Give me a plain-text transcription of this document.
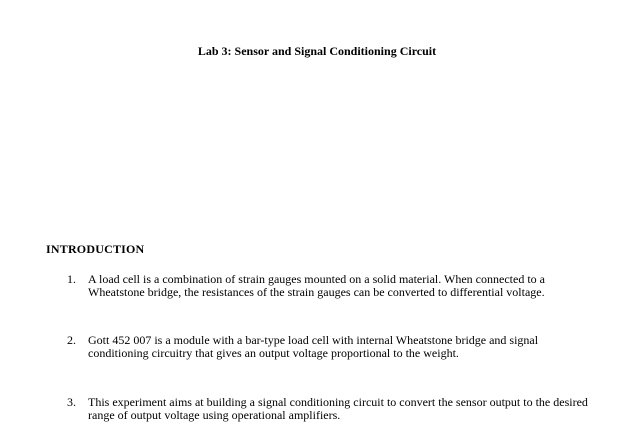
Lab 3: Sensor and Signal Conditioning Circuit
INTRODUCTION
1.	A load cell is a combination of strain gauges mounted on a solid material. When connected to a Wheatstone bridge, the resistances of the strain gauges can be converted to differential voltage.
2.	Gott 452 007 is a module with a bar-type load cell with internal Wheatstone bridge and signal conditioning circuitry that gives an output voltage proportional to the weight.
3.	This experiment aims at building a signal conditioning circuit to convert the sensor output to the desired range of output voltage using operational amplifiers.
